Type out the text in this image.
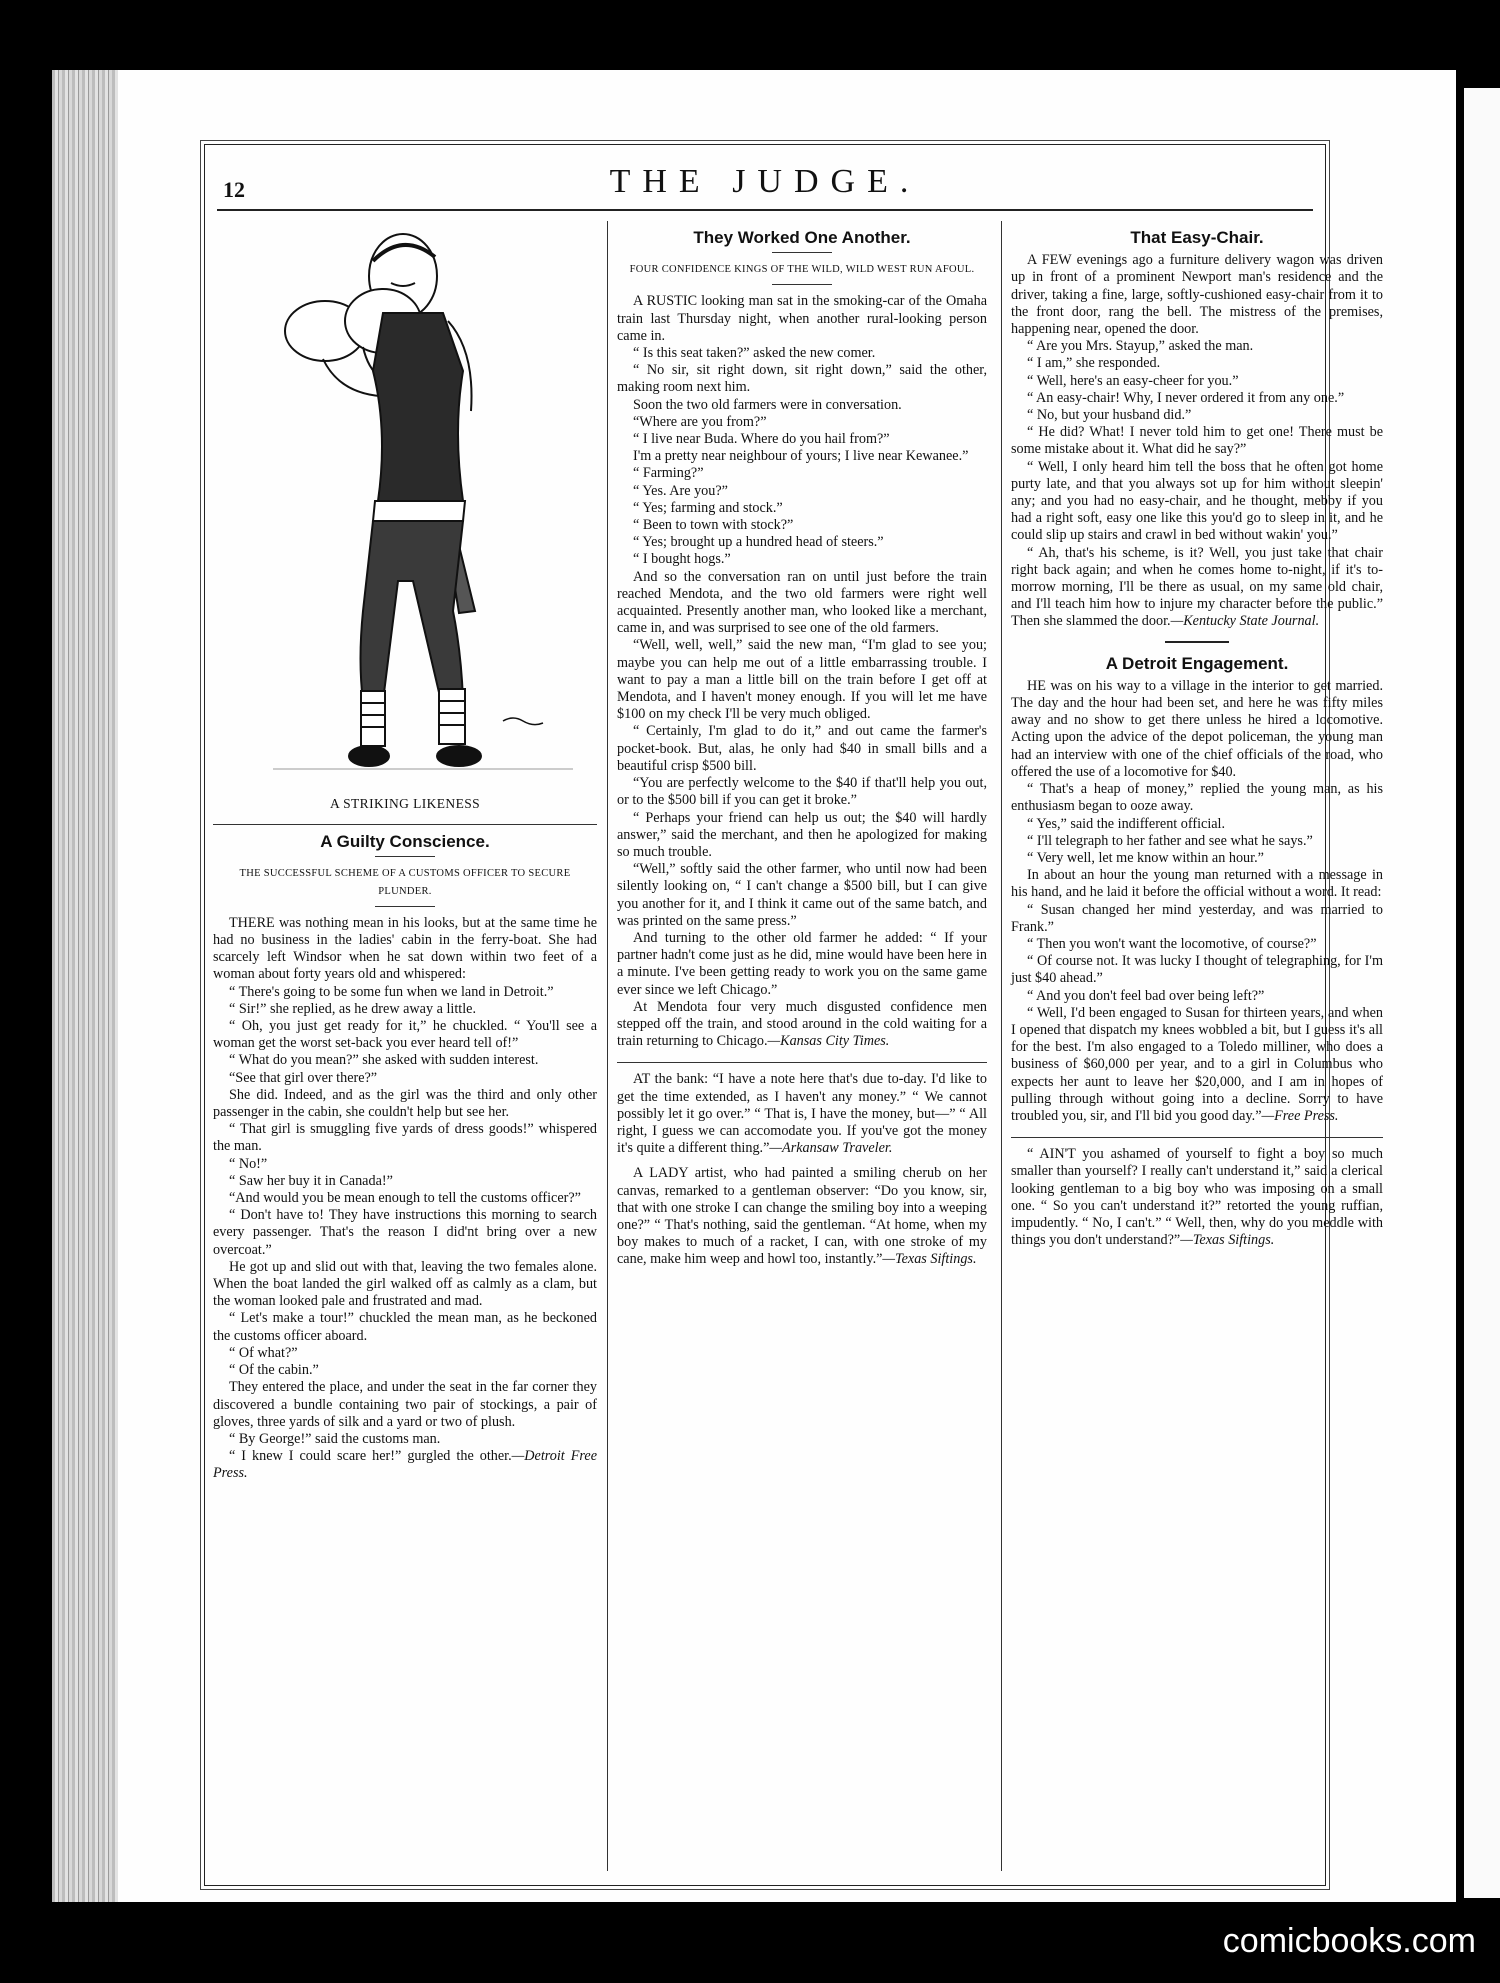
12	THE JUDGE.
A STRIKING LIKENESS
A Guilty Conscience.
THE SUCCESSFUL SCHEME OF A CUSTOMS OFFICER TO SECURE PLUNDER.

THERE was nothing mean in his looks, but at the same time he had no business in the ladies' cabin in the ferry-boat. She had scarcely left Windsor when he sat down within two feet of a woman about forty years old and whispered:

“ There's going to be some fun when we land in Detroit.”

“ Sir!” she replied, as he drew away a little.

“ Oh, you just get ready for it,” he chuckled. “ You'll see a woman get the worst set-back you ever heard tell of!”

“ What do you mean?” she asked with sudden interest.

“See that girl over there?”

She did. Indeed, and as the girl was the third and only other passenger in the cabin, she couldn't help but see her.

“ That girl is smuggling five yards of dress goods!” whispered the man.

“ No!”

“ Saw her buy it in Canada!”

“And would you be mean enough to tell the customs officer?”

“ Don't have to! They have instructions this morning to search every passenger. That's the reason I did'nt bring over a new overcoat.”

He got up and slid out with that, leaving the two females alone. When the boat landed the girl walked off as calmly as a clam, but the woman looked pale and frustrated and mad.

“ Let's make a tour!” chuckled the mean man, as he beckoned the customs officer aboard.

“ Of what?”

“ Of the cabin.”

They entered the place, and under the seat in the far corner they discovered a bundle containing two pair of stockings, a pair of gloves, three yards of silk and a yard or two of plush.

“ By George!” said the customs man.

“ I knew I could scare her!” gurgled the other.—Detroit Free Press.

They Worked One Another.
FOUR CONFIDENCE KINGS OF THE WILD, WILD WEST RUN AFOUL.

A RUSTIC looking man sat in the smoking-car of the Omaha train last Thursday night, when another rural-looking person came in.

“ Is this seat taken?” asked the new comer.

“ No sir, sit right down, sit right down,” said the other, making room next him.

Soon the two old farmers were in conversation.

“Where are you from?”

“ I live near Buda. Where do you hail from?”

I'm a pretty near neighbour of yours; I live near Kewanee.”

“ Farming?”

“ Yes. Are you?”

“ Yes; farming and stock.”

“ Been to town with stock?”

“ Yes; brought up a hundred head of steers.”

“ I bought hogs.”

And so the conversation ran on until just before the train reached Mendota, and the two old farmers were right well acquainted. Presently another man, who looked like a merchant, came in, and was surprised to see one of the old farmers.

“Well, well, well,” said the new man, “I'm glad to see you; maybe you can help me out of a little embarrassing trouble. I want to pay a man a little bill on the train before I get off at Mendota, and I haven't money enough. If you will let me have $100 on my check I'll be very much obliged.

“ Certainly, I'm glad to do it,” and out came the farmer's pocket-book. But, alas, he only had $40 in small bills and a beautiful crisp $500 bill.

“You are perfectly welcome to the $40 if that'll help you out, or to the $500 bill if you can get it broke.”

“ Perhaps your friend can help us out; the $40 will hardly answer,” said the merchant, and then he apologized for making so much trouble.

“Well,” softly said the other farmer, who until now had been silently looking on, “ I can't change a $500 bill, but I can give you another for it, and I think it came out of the same batch, and was printed on the same press.”

And turning to the other old farmer he added: “ If your partner hadn't come just as he did, mine would have been here in a minute. I've been getting ready to work you on the same game ever since we left Chicago.”

At Mendota four very much disgusted confidence men stepped off the train, and stood around in the cold waiting for a train returning to Chicago.—Kansas City Times.

AT the bank: “I have a note here that's due to-day. I'd like to get the time extended, as I haven't any money.” “ We cannot possibly let it go over.” “ That is, I have the money, but—” “ All right, I guess we can accomodate you. If you've got the money it's quite a different thing.”—Arkansaw Traveler.

A LADY artist, who had painted a smiling cherub on her canvas, remarked to a gentleman observer: “Do you know, sir, that with one stroke I can change the smiling boy into a weeping one?” “ That's nothing, said the gentleman. “At home, when my boy makes to much of a racket, I can, with one stroke of my cane, make him weep and howl too, instantly.”—Texas Siftings.

That Easy-Chair.

A FEW evenings ago a furniture delivery wagon was driven up in front of a prominent Newport man's residence and the driver, taking a fine, large, softly-cushioned easy-chair from it to the front door, rang the bell. The mistress of the premises, happening near, opened the door.

“ Are you Mrs. Stayup,” asked the man.

“ I am,” she responded.

“ Well, here's an easy-cheer for you.”

“ An easy-chair! Why, I never ordered it from any one.”

“ No, but your husband did.”

“ He did? What! I never told him to get one! There must be some mistake about it. What did he say?”

“ Well, I only heard him tell the boss that he often got home purty late, and that you always sot up for him without sleepin' any; and you had no easy-chair, and he thought, mebby if you had a right soft, easy one like this you'd go to sleep in it, and he could slip up stairs and crawl in bed without wakin' you.”

“ Ah, that's his scheme, is it? Well, you just take that chair right back again; and when he comes home to-night, if it's to-morrow morning, I'll be there as usual, on my same old chair, and I'll teach him how to injure my character before the public.” Then she slammed the door.—Kentucky State Journal.

A Detroit Engagement.

HE was on his way to a village in the interior to get married. The day and the hour had been set, and here he was fifty miles away and no show to get there unless he hired a locomotive. Acting upon the advice of the depot policeman, the young man had an interview with one of the chief officials of the road, who offered the use of a locomotive for $40.

“ That's a heap of money,” replied the young man, as his enthusiasm began to ooze away.

“ Yes,” said the indifferent official.

“ I'll telegraph to her father and see what he says.”

“ Very well, let me know within an hour.”

In about an hour the young man returned with a message in his hand, and he laid it before the official without a word. It read:

“ Susan changed her mind yesterday, and was married to Frank.”

“ Then you won't want the locomotive, of course?”

“ Of course not. It was lucky I thought of telegraphing, for I'm just $40 ahead.”

“ And you don't feel bad over being left?”

“ Well, I'd been engaged to Susan for thirteen years, and when I opened that dispatch my knees wobbled a bit, but I guess it's all for the best. I'm also engaged to a Toledo milliner, who does a business of $60,000 per year, and to a girl in Columbus who expects her aunt to leave her $20,000, and I am in hopes of pulling through without going into a decline. Sorry to have troubled you, sir, and I'll bid you good day.”—Free Press.

“ AIN'T you ashamed of yourself to fight a boy so much smaller than yourself? I really can't understand it,” said a clerical looking gentleman to a big boy who was imposing on a small one. “ So you can't understand it?” retorted the young ruffian, impudently. “ No, I can't.” “ Well, then, why do you meddle with things you don't understand?”—Texas Siftings.

comicbooks.com
